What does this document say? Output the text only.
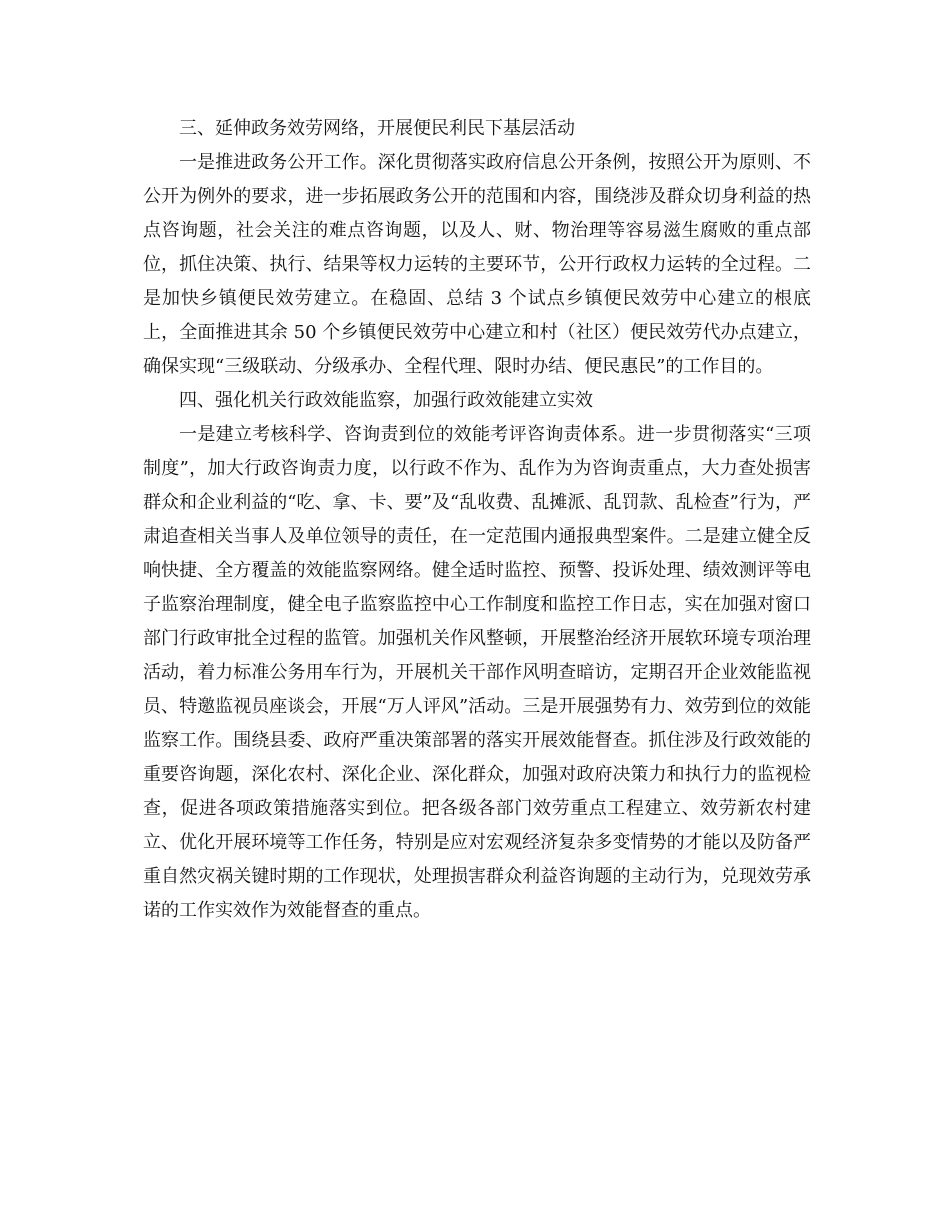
三、延伸政务效劳网络，开展便民利民下基层活动

一是推进政务公开工作。深化贯彻落实政府信息公开条例，按照公开为原则、不公开为例外的要求，进一步拓展政务公开的范围和内容，围绕涉及群众切身利益的热点咨询题，社会关注的难点咨询题，以及人、财、物治理等容易滋生腐败的重点部位，抓住决策、执行、结果等权力运转的主要环节，公开行政权力运转的全过程。二是加快乡镇便民效劳建立。在稳固、总结 3 个试点乡镇便民效劳中心建立的根底上，全面推进其余 50 个乡镇便民效劳中心建立和村（社区）便民效劳代办点建立，确保实现“三级联动、分级承办、全程代理、限时办结、便民惠民”的工作目的。

四、强化机关行政效能监察，加强行政效能建立实效

一是建立考核科学、咨询责到位的效能考评咨询责体系。进一步贯彻落实“三项制度”，加大行政咨询责力度，以行政不作为、乱作为为咨询责重点，大力查处损害群众和企业利益的“吃、拿、卡、要”及“乱收费、乱摊派、乱罚款、乱检查”行为，严肃追查相关当事人及单位领导的责任，在一定范围内通报典型案件。二是建立健全反响快捷、全方覆盖的效能监察网络。健全适时监控、预警、投诉处理、绩效测评等电子监察治理制度，健全电子监察监控中心工作制度和监控工作日志，实在加强对窗口部门行政审批全过程的监管。加强机关作风整顿，开展整治经济开展软环境专项治理活动，着力标准公务用车行为，开展机关干部作风明查暗访，定期召开企业效能监视员、特邀监视员座谈会，开展“万人评风”活动。三是开展强势有力、效劳到位的效能监察工作。围绕县委、政府严重决策部署的落实开展效能督查。抓住涉及行政效能的重要咨询题，深化农村、深化企业、深化群众，加强对政府决策力和执行力的监视检查，促进各项政策措施落实到位。把各级各部门效劳重点工程建立、效劳新农村建立、优化开展环境等工作任务，特别是应对宏观经济复杂多变情势的才能以及防备严重自然灾祸关键时期的工作现状，处理损害群众利益咨询题的主动行为，兑现效劳承诺的工作实效作为效能督查的重点。
